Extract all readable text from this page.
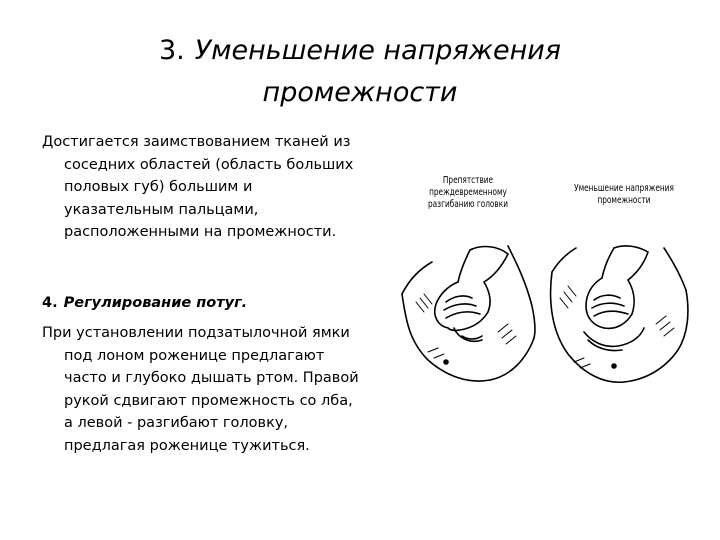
3. Уменьшение напряжения промежности

Достигается заимствованием тканей из соседних областей (область больших половых губ) большим и указательным пальцами, расположенными на промежности.

4. Регулирование потуг.

При установлении подзатылочной ямки под лоном роженице предлагают часто и глубоко дышать ртом. Правой рукой сдвигают промежность со лба, а левой - разгибают головку, предлагая роженице тужиться.

Препятствие преждевременному разгибанию головки
Уменьшение напряжения промежности
